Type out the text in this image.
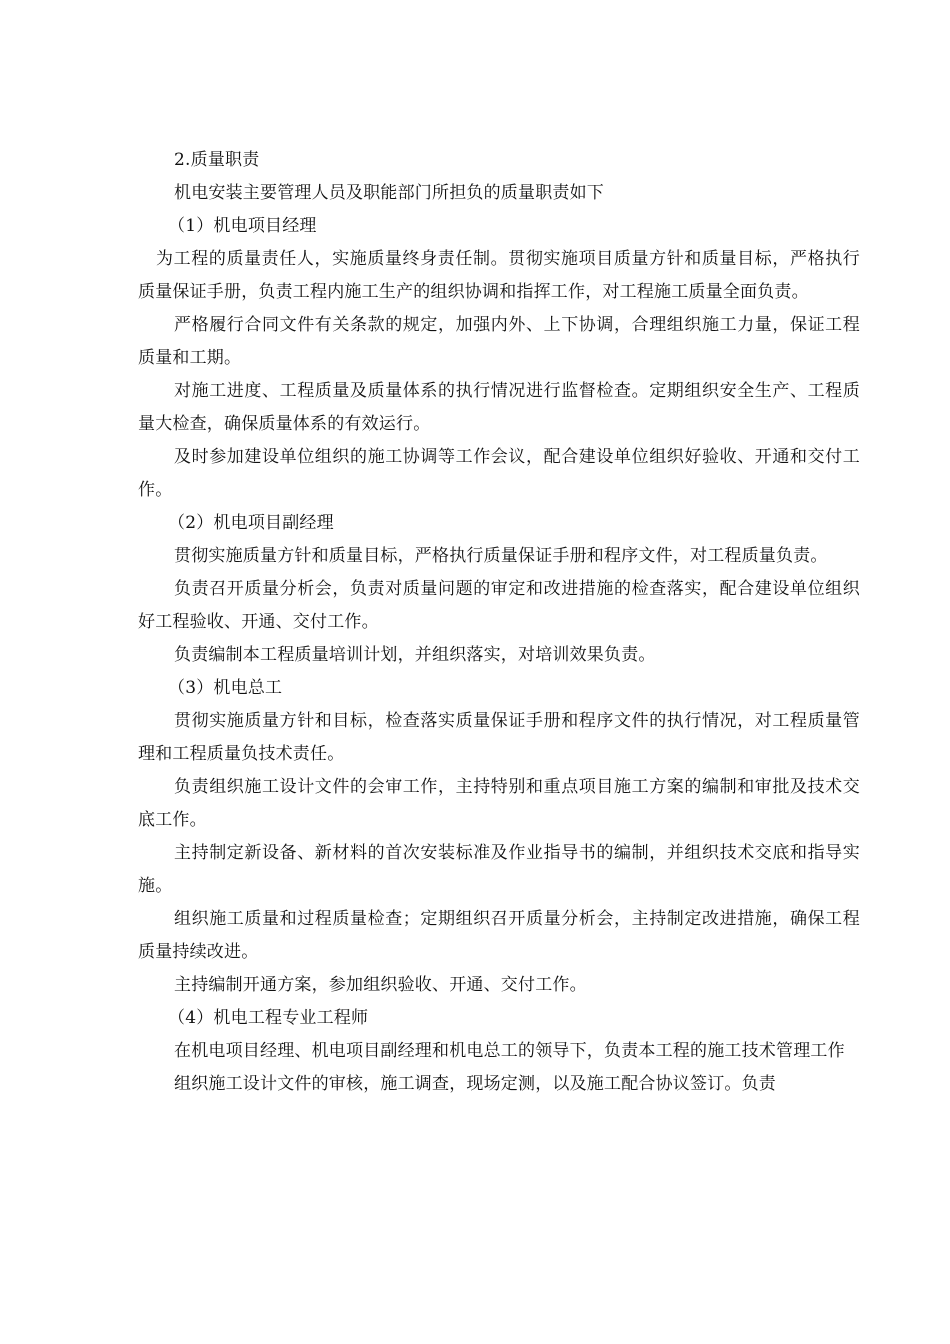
2.质量职责

机电安装主要管理人员及职能部门所担负的质量职责如下

（1）机电项目经理

为工程的质量责任人，实施质量终身责任制。贯彻实施项目质量方针和质量目标，严格执行质量保证手册，负责工程内施工生产的组织协调和指挥工作，对工程施工质量全面负责。

严格履行合同文件有关条款的规定，加强内外、上下协调，合理组织施工力量，保证工程质量和工期。

对施工进度、工程质量及质量体系的执行情况进行监督检查。定期组织安全生产、工程质量大检查，确保质量体系的有效运行。

及时参加建设单位组织的施工协调等工作会议，配合建设单位组织好验收、开通和交付工作。

（2）机电项目副经理

贯彻实施质量方针和质量目标，严格执行质量保证手册和程序文件，对工程质量负责。

负责召开质量分析会，负责对质量问题的审定和改进措施的检查落实，配合建设单位组织好工程验收、开通、交付工作。

负责编制本工程质量培训计划，并组织落实，对培训效果负责。

（3）机电总工

贯彻实施质量方针和目标，检查落实质量保证手册和程序文件的执行情况，对工程质量管理和工程质量负技术责任。

负责组织施工设计文件的会审工作，主持特别和重点项目施工方案的编制和审批及技术交底工作。

主持制定新设备、新材料的首次安装标准及作业指导书的编制，并组织技术交底和指导实施。

组织施工质量和过程质量检查；定期组织召开质量分析会，主持制定改进措施，确保工程质量持续改进。

主持编制开通方案，参加组织验收、开通、交付工作。

（4）机电工程专业工程师

在机电项目经理、机电项目副经理和机电总工的领导下，负责本工程的施工技术管理工作

组织施工设计文件的审核，施工调查，现场定测，以及施工配合协议签订。负责
